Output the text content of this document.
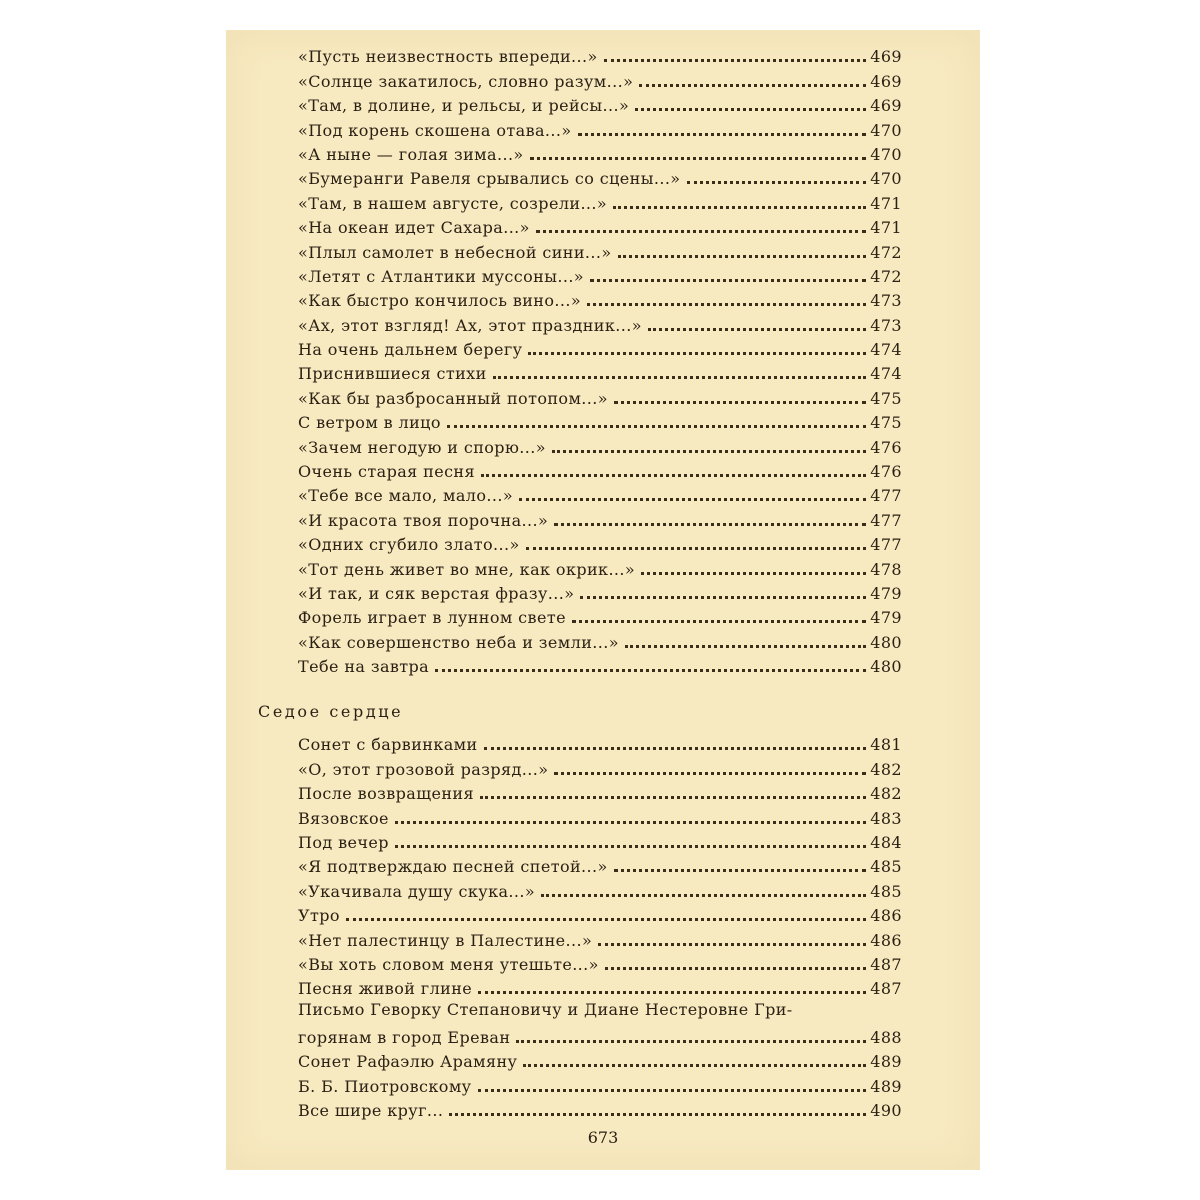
«Пусть неизвестность впереди...»	469
«Солнце закатилось, словно разум...»	469
«Там, в долине, и рельсы, и рейсы...»	469
«Под корень скошена отава...»	470
«А ныне — голая зима...»	470
«Бумеранги Равеля срывались со сцены...»	470
«Там, в нашем августе, созрели...»	471
«На океан идет Сахара...»	471
«Плыл самолет в небесной сини...»	472
«Летят с Атлантики муссоны...»	472
«Как быстро кончилось вино...»	473
«Ах, этот взгляд! Ах, этот праздник...»	473
На очень дальнем берегу	474
Приснившиеся стихи	474
«Как бы разбросанный потопом...»	475
С ветром в лицо	475
«Зачем негодую и спорю...»	476
Очень старая песня	476
«Тебе все мало, мало...»	477
«И красота твоя порочна...»	477
«Одних сгубило злато...»	477
«Тот день живет во мне, как окрик...»	478
«И так, и сяк верстая фразу...»	479
Форель играет в лунном свете	479
«Как совершенство неба и земли...»	480
Тебе на завтра	480
Седое сердце
Сонет с барвинками	481
«О, этот грозовой разряд...»	482
После возвращения	482
Вязовское	483
Под вечер	484
«Я подтверждаю песней спетой...»	485
«Укачивала душу скука...»	485
Утро	486
«Нет палестинцу в Палестине...»	486
«Вы хоть словом меня утешьте...»	487
Песня живой глине	487
Письмо Геворку Степановичу и Диане Нестеровне Гри-
горянам в город Ереван	488
Сонет Рафаэлю Арамяну	489
Б. Б. Пиотровскому	489
Все шире круг...	490
673
